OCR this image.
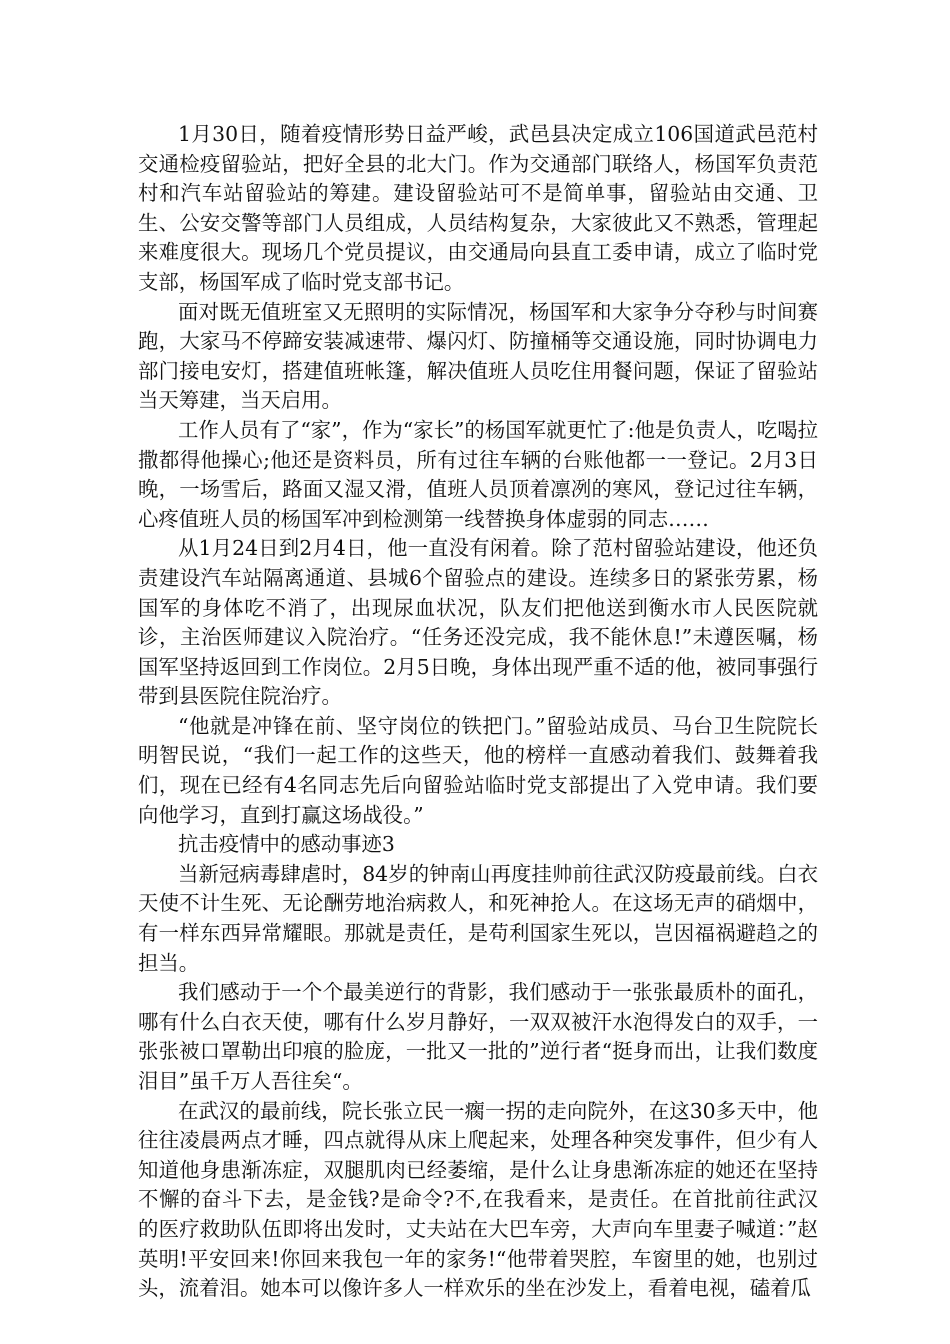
1月30日，随着疫情形势日益严峻，武邑县决定成立106国道武邑范村交通检疫留验站，把好全县的北大门。作为交通部门联络人，杨国军负责范村和汽车站留验站的筹建。建设留验站可不是简单事，留验站由交通、卫生、公安交警等部门人员组成，人员结构复杂，大家彼此又不熟悉，管理起来难度很大。现场几个党员提议，由交通局向县直工委申请，成立了临时党支部，杨国军成了临时党支部书记。

面对既无值班室又无照明的实际情况，杨国军和大家争分夺秒与时间赛跑，大家马不停蹄安装减速带、爆闪灯、防撞桶等交通设施，同时协调电力部门接电安灯，搭建值班帐篷，解决值班人员吃住用餐问题，保证了留验站当天筹建，当天启用。

工作人员有了“家”，作为“家长”的杨国军就更忙了:他是负责人，吃喝拉撒都得他操心;他还是资料员，所有过往车辆的台账他都一一登记。2月3日晚，一场雪后，路面又湿又滑，值班人员顶着凛冽的寒风，登记过往车辆，心疼值班人员的杨国军冲到检测第一线替换身体虚弱的同志……

从1月24日到2月4日，他一直没有闲着。除了范村留验站建设，他还负责建设汽车站隔离通道、县城6个留验点的建设。连续多日的紧张劳累，杨国军的身体吃不消了，出现尿血状况，队友们把他送到衡水市人民医院就诊，主治医师建议入院治疗。“任务还没完成，我不能休息!”未遵医嘱，杨国军坚持返回到工作岗位。2月5日晚，身体出现严重不适的他，被同事强行带到县医院住院治疗。

“他就是冲锋在前、坚守岗位的铁把门。”留验站成员、马台卫生院院长明智民说，“我们一起工作的这些天，他的榜样一直感动着我们、鼓舞着我们，现在已经有4名同志先后向留验站临时党支部提出了入党申请。我们要向他学习，直到打赢这场战役。”

抗击疫情中的感动事迹3

当新冠病毒肆虐时，84岁的钟南山再度挂帅前往武汉防疫最前线。白衣天使不计生死、无论酬劳地治病救人，和死神抢人。在这场无声的硝烟中，有一样东西异常耀眼。那就是责任，是苟利国家生死以，岂因福祸避趋之的担当。

我们感动于一个个最美逆行的背影，我们感动于一张张最质朴的面孔，哪有什么白衣天使，哪有什么岁月静好，一双双被汗水泡得发白的双手，一张张被口罩勒出印痕的脸庞，一批又一批的”逆行者“挺身而出，让我们数度泪目”虽千万人吾往矣“。

在武汉的最前线，院长张立民一瘸一拐的走向院外，在这30多天中，他往往凌晨两点才睡，四点就得从床上爬起来，处理各种突发事件，但少有人知道他身患渐冻症，双腿肌肉已经萎缩，是什么让身患渐冻症的她还在坚持不懈的奋斗下去，是金钱?是命令?不,在我看来，是责任。在首批前往武汉的医疗救助队伍即将出发时，丈夫站在大巴车旁，大声向车里妻子喊道：”赵英明!平安回来!你回来我包一年的家务!“他带着哭腔，车窗里的她，也别过头，流着泪。她本可以像许多人一样欢乐的坐在沙发上，看着电视，磕着瓜
